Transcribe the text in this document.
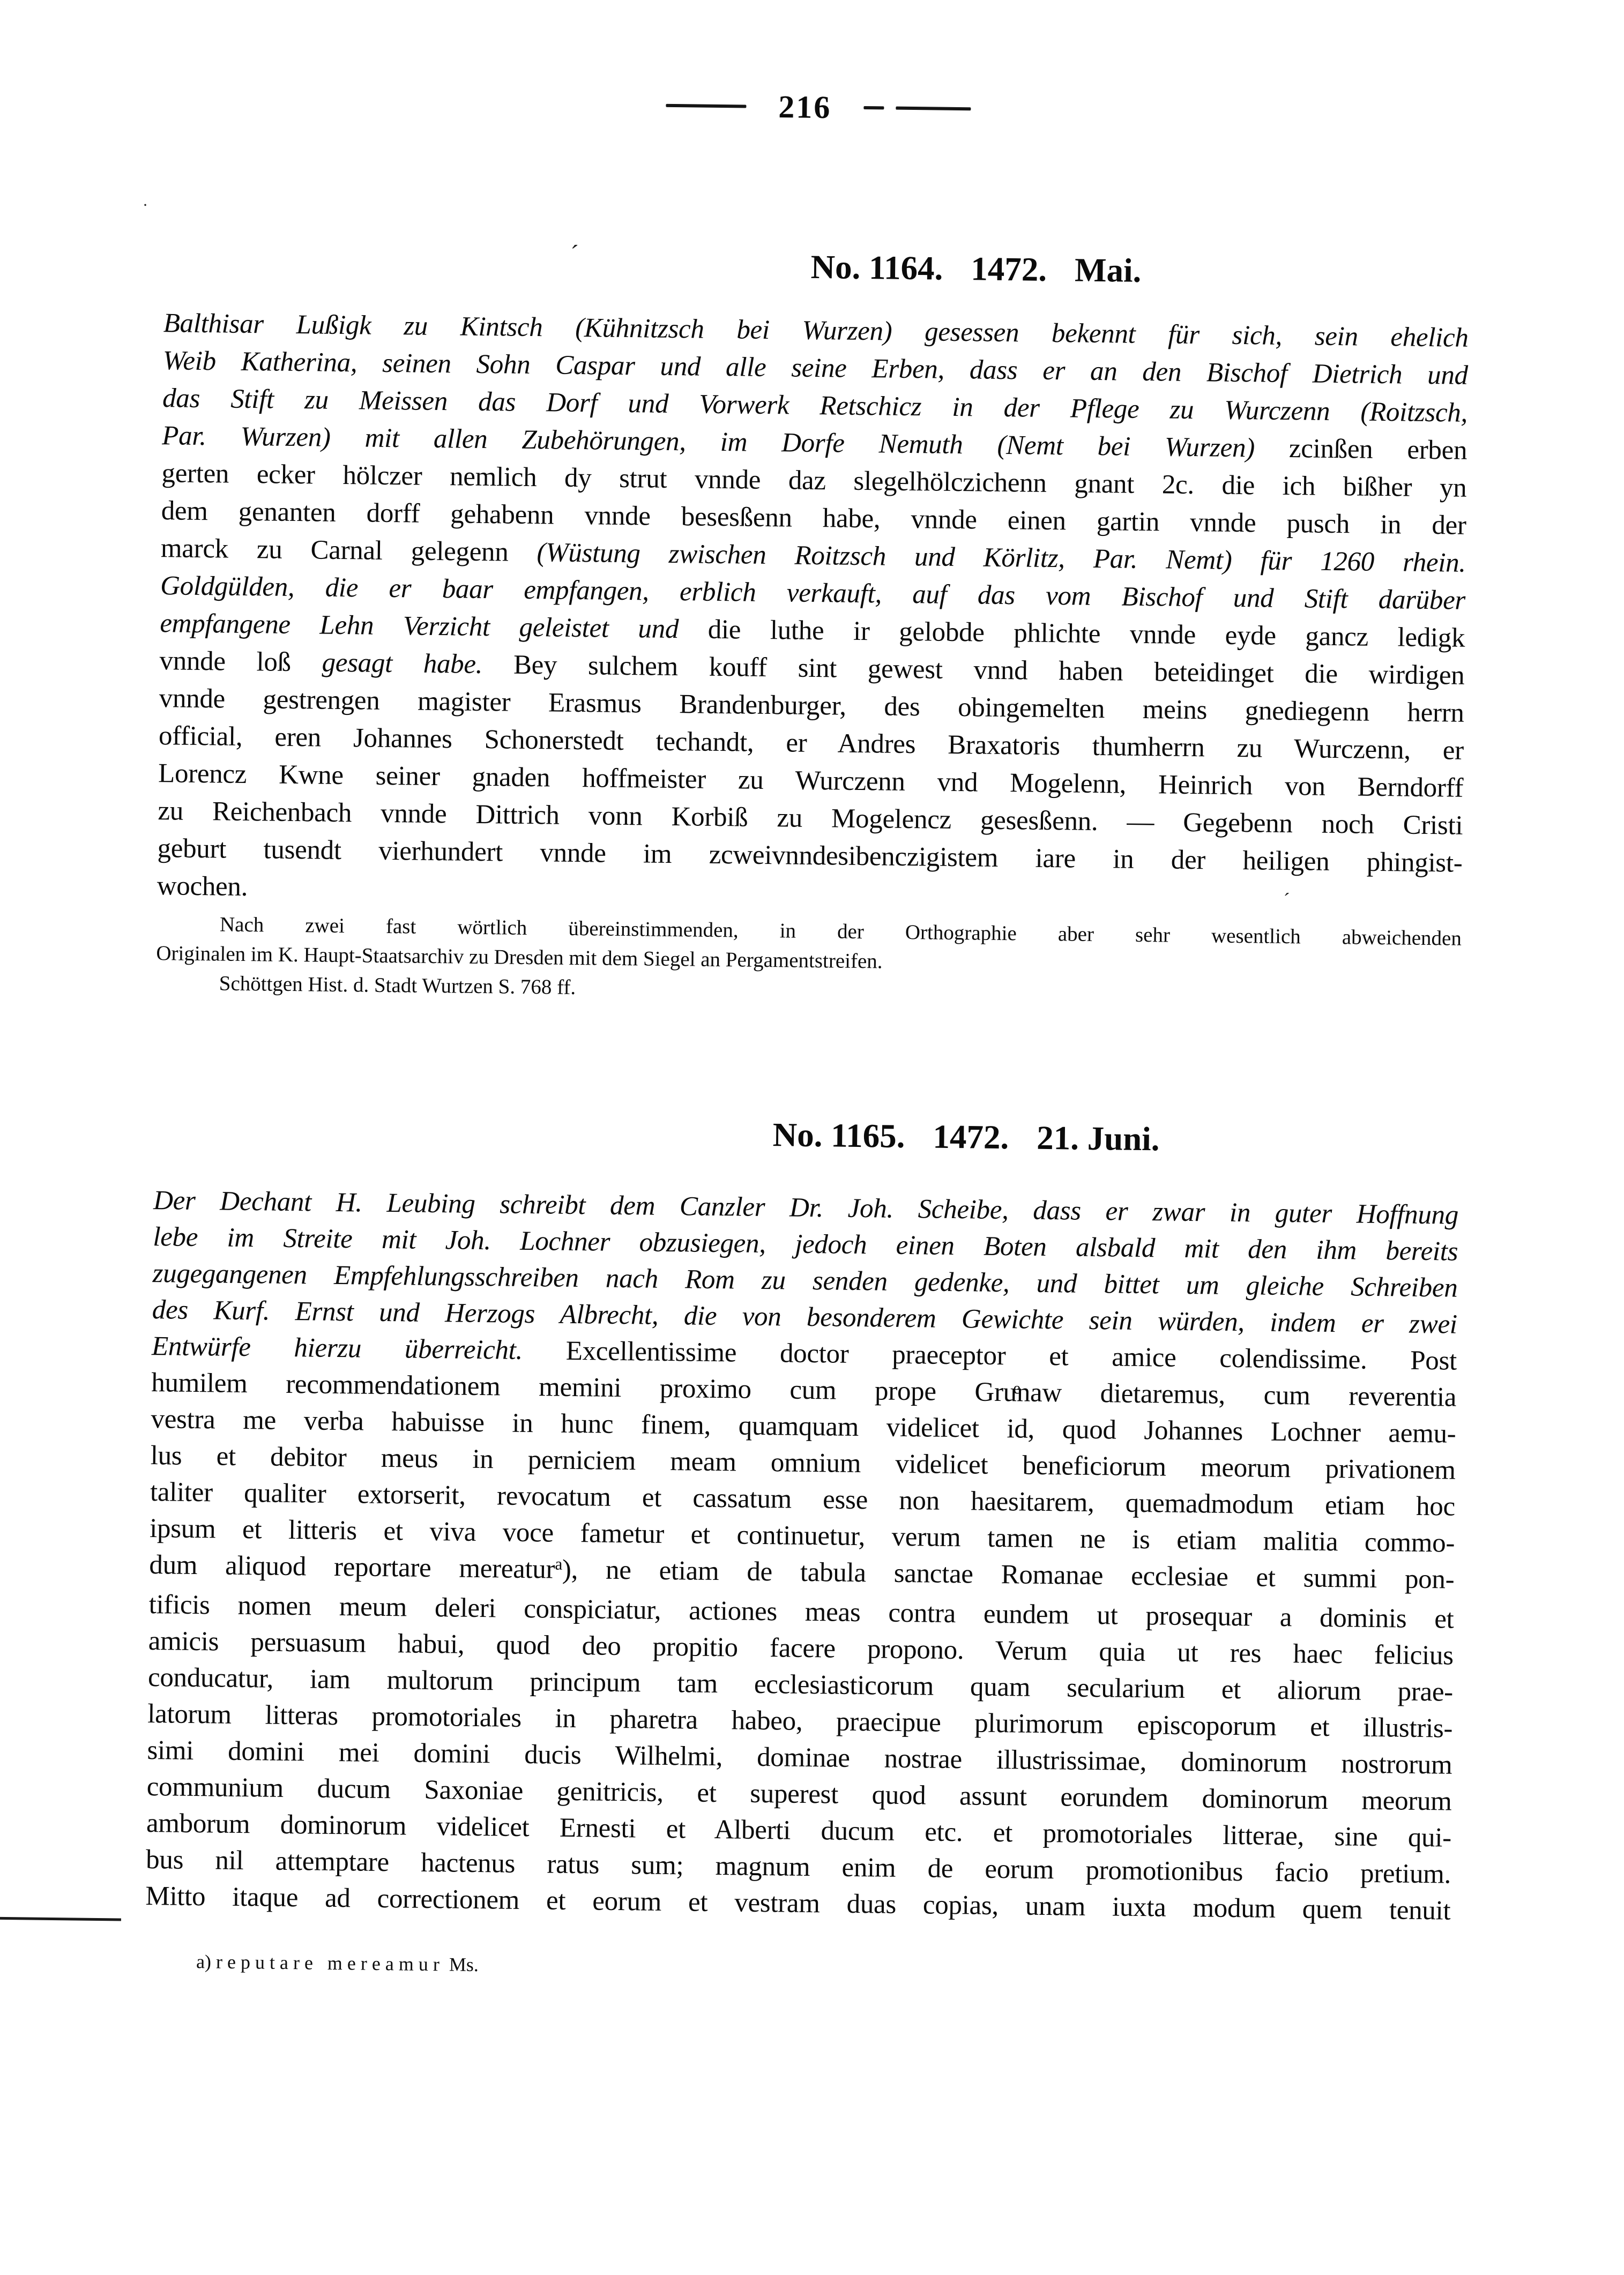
216
No. 1164. 1472. Mai.
Balthisar Lußigk zu Kintsch (Kühnitzsch bei Wurzen) gesessen bekennt für sich, sein ehelich
Weib Katherina, seinen Sohn Caspar und alle seine Erben, dass er an den Bischof Dietrich und
das Stift zu Meissen das Dorf und Vorwerk Retschicz in der Pflege zu Wurczenn (Roitzsch,
Par. Wurzen) mit allen Zubehörungen, im Dorfe Nemuth (Nemt bei Wurzen) zcinßen erben
gerten ecker hölczer nemlich dy strut vnnde daz slegelhölczichenn gnant 2c. die ich bißher yn
dem genanten dorff gehabenn vnnde besesßenn habe, vnnde einen gartin vnnde pusch in der
marck zu Carnal gelegenn (Wüstung zwischen Roitzsch und Körlitz, Par. Nemt) für 1260 rhein.
Goldgülden, die er baar empfangen, erblich verkauft, auf das vom Bischof und Stift darüber
empfangene Lehn Verzicht geleistet und die luthe ir gelobde phlichte vnnde eyde gancz ledigk
vnnde loß gesagt habe. Bey sulchem kouff sint gewest vnnd haben beteidinget die wirdigen
vnnde gestrengen magister Erasmus Brandenburger, des obingemelten meins gnediegenn herrn
official, eren Johannes Schonerstedt techandt, er Andres Braxatoris thumherrn zu Wurczenn, er
Lorencz Kwne seiner gnaden hoffmeister zu Wurczenn vnd Mogelenn, Heinrich von Berndorff
zu Reichenbach vnnde Dittrich vonn Korbiß zu Mogelencz gesesßenn. — Gegebenn noch Cristi
geburt tusendt vierhundert vnnde im zcweivnndesibenczigistem iare in der heiligen phingist-
wochen.
Nach zwei fast wörtlich übereinstimmenden, in der Orthographie aber sehr wesentlich abweichenden
Originalen im K. Haupt-Staatsarchiv zu Dresden mit dem Siegel an Pergamentstreifen.
Schöttgen Hist. d. Stadt Wurtzen S. 768 ff.
No. 1165. 1472. 21. Juni.
Der Dechant H. Leubing schreibt dem Canzler Dr. Joh. Scheibe, dass er zwar in guter Hoffnung
lebe im Streite mit Joh. Lochner obzusiegen, jedoch einen Boten alsbald mit den ihm bereits
zugegangenen Empfehlungsschreiben nach Rom zu senden gedenke, und bittet um gleiche Schreiben
des Kurf. Ernst und Herzogs Albrecht, die von besonderem Gewichte sein würden, indem er zwei
Entwürfe hierzu überreicht. Excellentissime doctor praeceptor et amice colendissime. Post
humilem recommendationem memini proximo cum prope Gruͤnaw dietaremus, cum reverentia
vestra me verba habuisse in hunc finem, quamquam videlicet id, quod Johannes Lochner aemu-
lus et debitor meus in perniciem meam omnium videlicet beneficiorum meorum privationem
taliter qualiter extorserit, revocatum et cassatum esse non haesitarem, quemadmodum etiam hoc
ipsum et litteris et viva voce fametur et continuetur, verum tamen ne is etiam malitia commo-
dum aliquod reportare mereatur$^a$), ne etiam de tabula sanctae Romanae ecclesiae et summi pon-
tificis nomen meum deleri conspiciatur, actiones meas contra eundem ut prosequar a dominis et
amicis persuasum habui, quod deo propitio facere propono. Verum quia ut res haec felicius
conducatur, iam multorum principum tam ecclesiasticorum quam secularium et aliorum prae-
latorum litteras promotoriales in pharetra habeo, praecipue plurimorum episcoporum et illustris-
simi domini mei domini ducis Wilhelmi, dominae nostrae illustrissimae, dominorum nostrorum
communium ducum Saxoniae genitricis, et superest quod assunt eorundem dominorum meorum
amborum dominorum videlicet Ernesti et Alberti ducum etc. et promotoriales litterae, sine qui-
bus nil attemptare hactenus ratus sum; magnum enim de eorum promotionibus facio pretium.
Mitto itaque ad correctionem et eorum et vestram duas copias, unam iuxta modum quem tenuit
a) reputare mereamur Ms.
´
.
´
